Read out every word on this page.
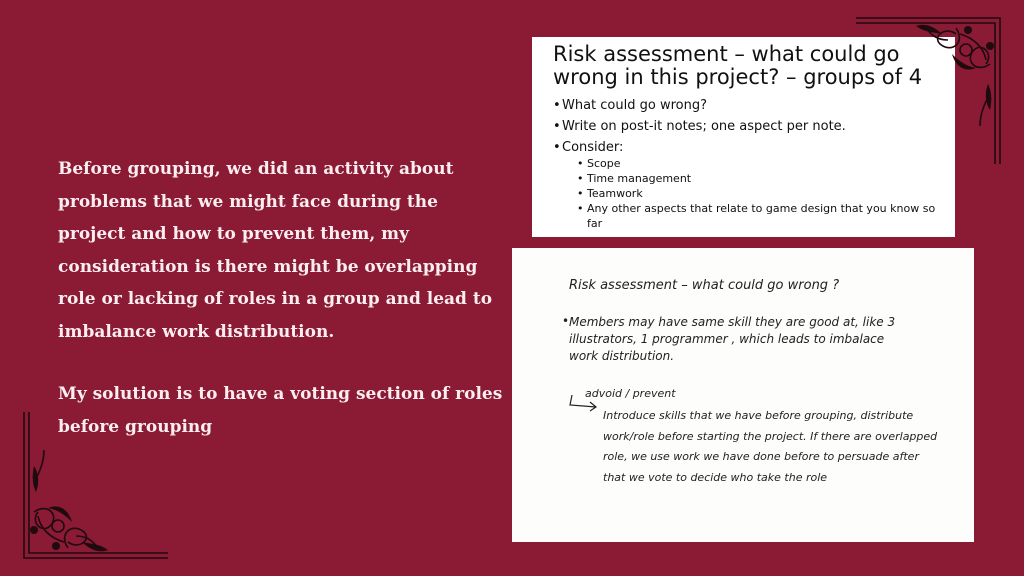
Before grouping, we did an activity about problems that we might face during the project and how to prevent them, my consideration is there might be overlapping role or lacking of roles in a group and lead to imbalance work distribution.

My solution is to have a voting section of roles before grouping

Risk assessment – what could go wrong in this project? – groups of 4
• What could go wrong?
• Write on post-it notes; one aspect per note.
• Consider:
• Scope
• Time management
• Teamwork
• Any other aspects that relate to game design that you know so far
Risk assessment – what could go wrong ?
• Members may have same skill they are good at, like 3 illustrators, 1 programmer , which leads to imbalace work distribution.
advoid / prevent
Introduce skills that we have before grouping, distribute work/role before starting the project. If there are overlapped role, we use work we have done before to persuade after that we vote to decide who take the role
